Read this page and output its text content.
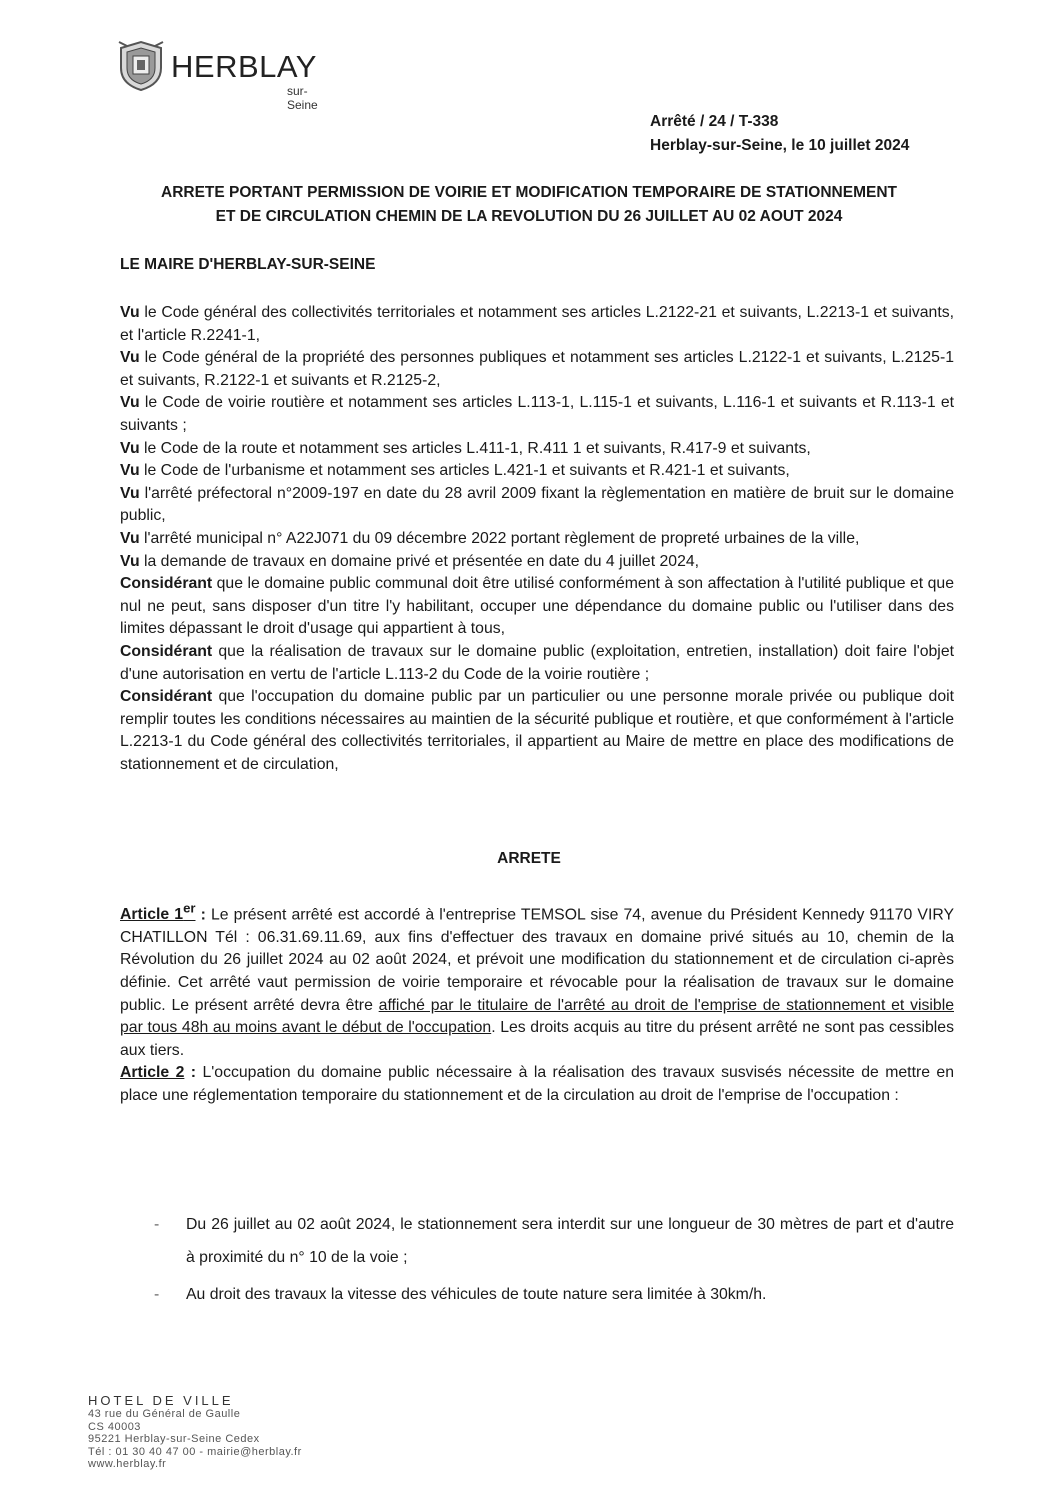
HERBLAY
sur-Seine
Arrêté / 24 / T-338
Herblay-sur-Seine, le 10 juillet 2024
ARRETE PORTANT PERMISSION DE VOIRIE ET MODIFICATION TEMPORAIRE DE STATIONNEMENT
ET DE CIRCULATION CHEMIN DE LA REVOLUTION DU 26 JUILLET AU 02 AOUT 2024
LE MAIRE D'HERBLAY-SUR-SEINE

Vu le Code général des collectivités territoriales et notamment ses articles L.2122-21 et suivants, L.2213-1 et suivants, et l'article R.2241-1,

Vu le Code général de la propriété des personnes publiques et notamment ses articles L.2122-1 et suivants, L.2125-1 et suivants, R.2122-1 et suivants et R.2125-2,

Vu le Code de voirie routière et notamment ses articles L.113-1, L.115-1 et suivants, L.116-1 et suivants et R.113-1 et suivants ;

Vu le Code de la route et notamment ses articles L.411-1, R.411 1 et suivants, R.417-9 et suivants,

Vu le Code de l'urbanisme et notamment ses articles L.421-1 et suivants et R.421-1 et suivants,

Vu l'arrêté préfectoral n°2009-197 en date du 28 avril 2009 fixant la règlementation en matière de bruit sur le domaine public,

Vu l'arrêté municipal n° A22J071 du 09 décembre 2022 portant règlement de propreté urbaines de la ville,

Vu la demande de travaux en domaine privé et présentée en date du 4 juillet 2024,

Considérant que le domaine public communal doit être utilisé conformément à son affectation à l'utilité publique et que nul ne peut, sans disposer d'un titre l'y habilitant, occuper une dépendance du domaine public ou l'utiliser dans des limites dépassant le droit d'usage qui appartient à tous,

Considérant que la réalisation de travaux sur le domaine public (exploitation, entretien, installation) doit faire l'objet d'une autorisation en vertu de l'article L.113-2 du Code de la voirie routière ;

Considérant que l'occupation du domaine public par un particulier ou une personne morale privée ou publique doit remplir toutes les conditions nécessaires au maintien de la sécurité publique et routière, et que conformément à l'article L.2213-1 du Code général des collectivités territoriales, il appartient au Maire de mettre en place des modifications de stationnement et de circulation,

ARRETE

Article 1er : Le présent arrêté est accordé à l'entreprise TEMSOL sise 74, avenue du Président Kennedy 91170 VIRY CHATILLON Tél : 06.31.69.11.69, aux fins d'effectuer des travaux en domaine privé situés au 10, chemin de la Révolution du 26 juillet 2024 au 02 août 2024, et prévoit une modification du stationnement et de circulation ci-après définie. Cet arrêté vaut permission de voirie temporaire et révocable pour la réalisation de travaux sur le domaine public. Le présent arrêté devra être affiché par le titulaire de l'arrêté au droit de l'emprise de stationnement et visible par tous 48h au moins avant le début de l'occupation. Les droits acquis au titre du présent arrêté ne sont pas cessibles aux tiers.

Article 2 : L'occupation du domaine public nécessaire à la réalisation des travaux susvisés nécessite de mettre en place une réglementation temporaire du stationnement et de la circulation au droit de l'emprise de l'occupation :

- Du 26 juillet au 02 août 2024, le stationnement sera interdit sur une longueur de 30 mètres de part et d'autre à proximité du n° 10 de la voie ;
- Au droit des travaux la vitesse des véhicules de toute nature sera limitée à 30km/h.
HOTEL DE VILLE
43 rue du Général de Gaulle
CS 40003
95221 Herblay-sur-Seine Cedex
Tél : 01 30 40 47 00 - mairie@herblay.fr
www.herblay.fr
